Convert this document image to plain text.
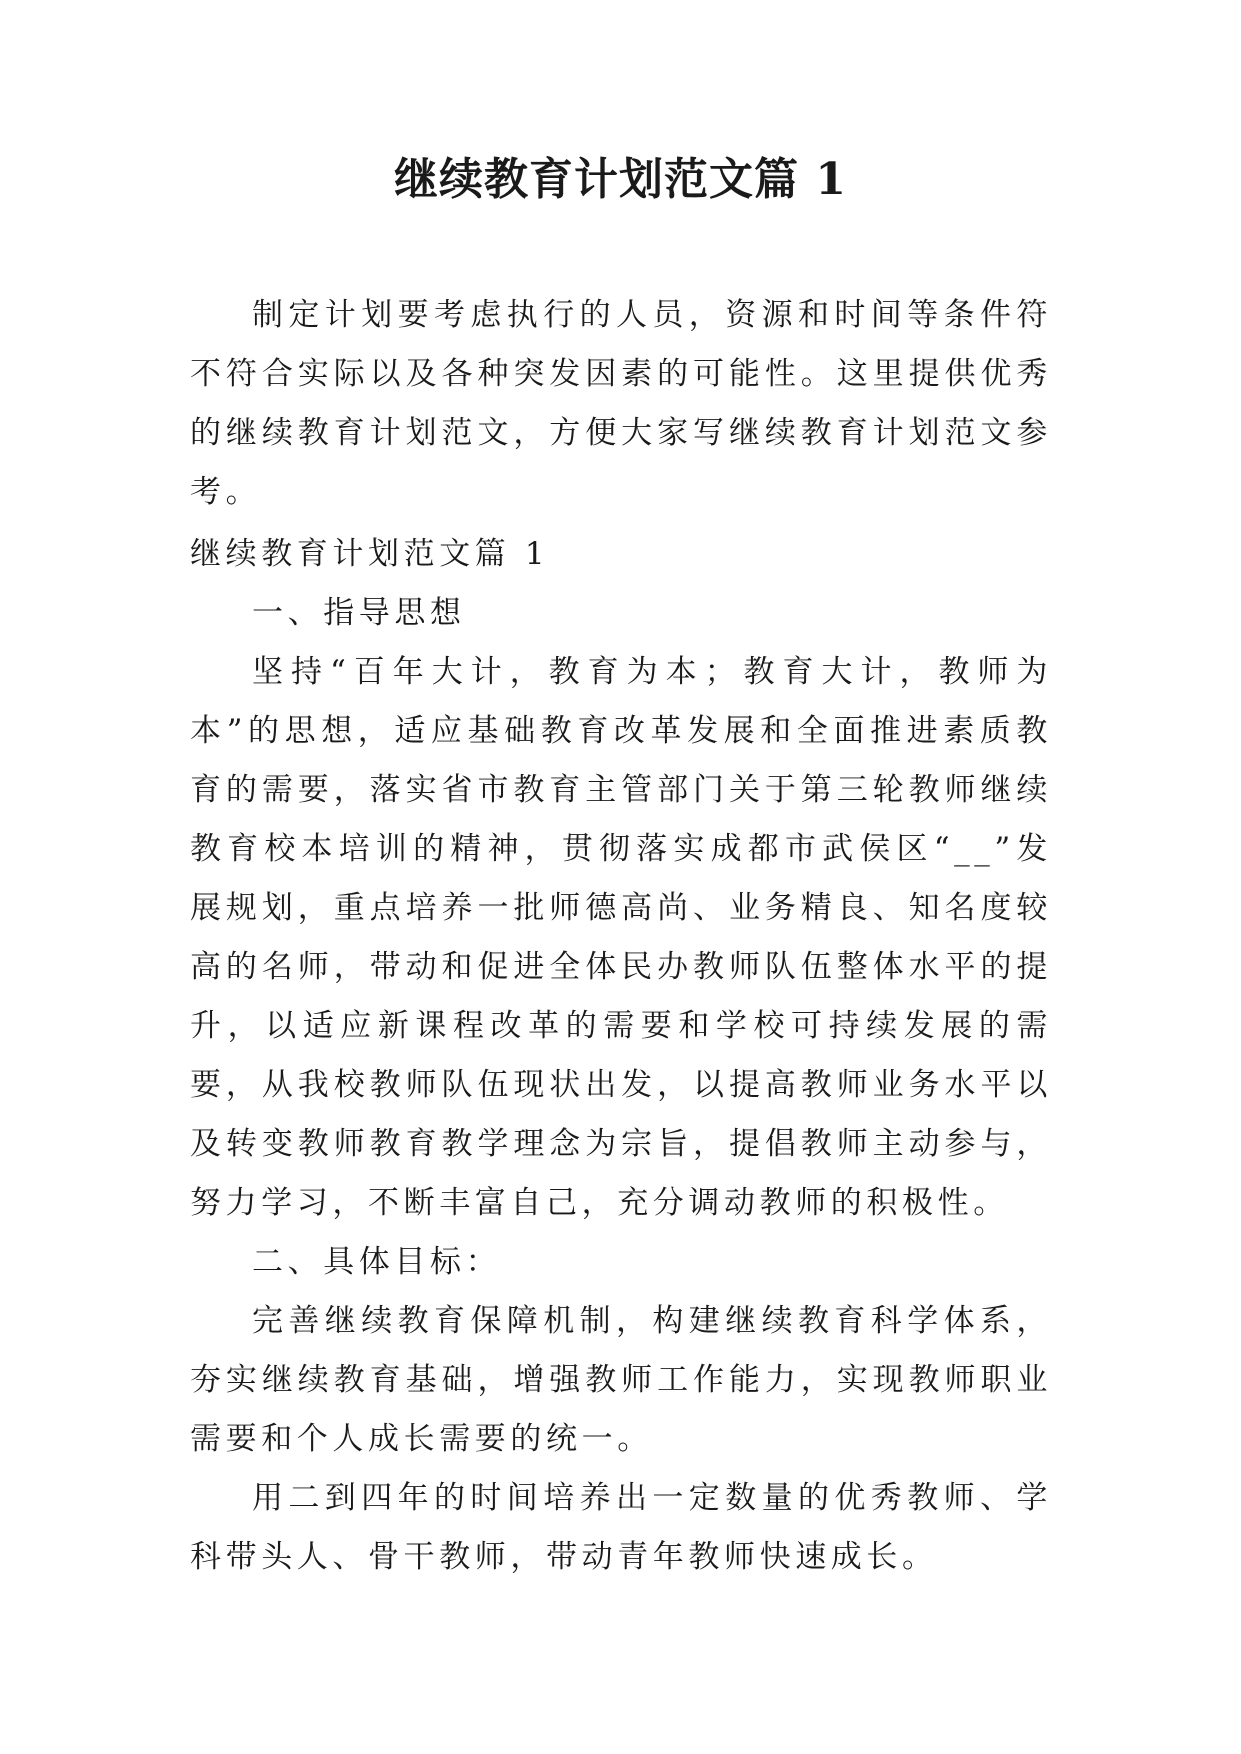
继续教育计划范文篇 1

制定计划要考虑执行的人员，资源和时间等条件符不符合实际以及各种突发因素的可能性。这里提供优秀的继续教育计划范文，方便大家写继续教育计划范文参考。

继续教育计划范文篇 1

一、指导思想

坚持“百年大计，教育为本；教育大计，教师为本”的思想，适应基础教育改革发展和全面推进素质教育的需要，落实省市教育主管部门关于第三轮教师继续教育校本培训的精神，贯彻落实成都市武侯区“__”发展规划，重点培养一批师德高尚、业务精良、知名度较高的名师，带动和促进全体民办教师队伍整体水平的提升，以适应新课程改革的需要和学校可持续发展的需要，从我校教师队伍现状出发，以提高教师业务水平以及转变教师教育教学理念为宗旨，提倡教师主动参与，努力学习，不断丰富自己，充分调动教师的积极性。

二、具体目标：

完善继续教育保障机制，构建继续教育科学体系，夯实继续教育基础，增强教师工作能力，实现教师职业需要和个人成长需要的统一。

用二到四年的时间培养出一定数量的优秀教师、学科带头人、骨干教师，带动青年教师快速成长。
